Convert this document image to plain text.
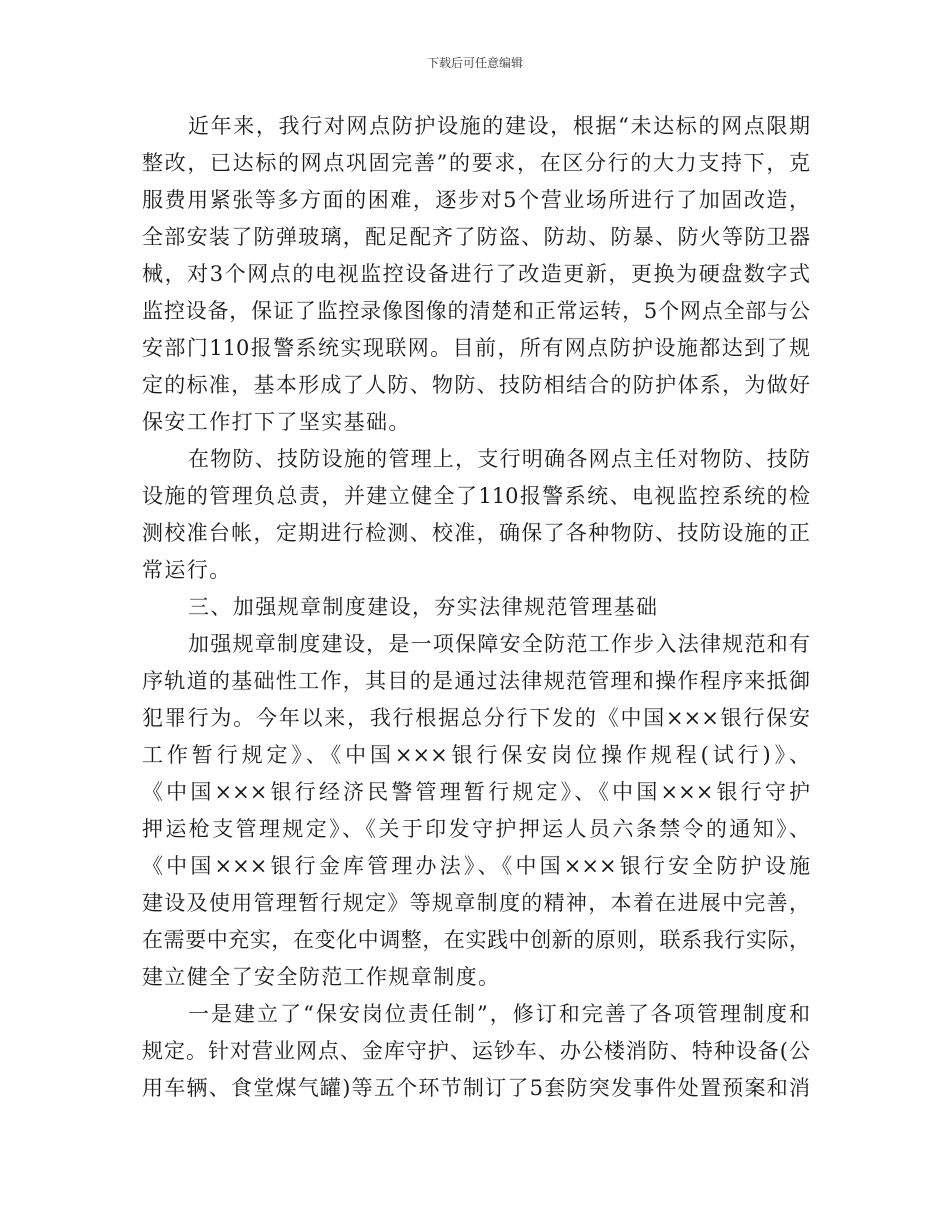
下载后可任意编辑
近年来，我行对网点防护设施的建设，根据“未达标的网点限期
整改，已达标的网点巩固完善”的要求，在区分行的大力支持下，克
服费用紧张等多方面的困难，逐步对5个营业场所进行了加固改造，
全部安装了防弹玻璃，配足配齐了防盗、防劫、防暴、防火等防卫器
械，对3个网点的电视监控设备进行了改造更新，更换为硬盘数字式
监控设备，保证了监控录像图像的清楚和正常运转，5个网点全部与公
安部门110报警系统实现联网。目前，所有网点防护设施都达到了规
定的标准，基本形成了人防、物防、技防相结合的防护体系，为做好
保安工作打下了坚实基础。
在物防、技防设施的管理上，支行明确各网点主任对物防、技防
设施的管理负总责，并建立健全了110报警系统、电视监控系统的检
测校准台帐，定期进行检测、校准，确保了各种物防、技防设施的正
常运行。
三、加强规章制度建设，夯实法律规范管理基础
加强规章制度建设，是一项保障安全防范工作步入法律规范和有
序轨道的基础性工作，其目的是通过法律规范管理和操作程序来抵御
犯罪行为。今年以来，我行根据总分行下发的《中国×××银行保安
工作暂行规定》、《中国×××银行保安岗位操作规程(试行)》、
《中国×××银行经济民警管理暂行规定》、《中国×××银行守护
押运枪支管理规定》、《关于印发守护押运人员六条禁令的通知》、
《中国×××银行金库管理办法》、《中国×××银行安全防护设施
建设及使用管理暂行规定》等规章制度的精神，本着在进展中完善，
在需要中充实，在变化中调整，在实践中创新的原则，联系我行实际，
建立健全了安全防范工作规章制度。
一是建立了“保安岗位责任制”，修订和完善了各项管理制度和
规定。针对营业网点、金库守护、运钞车、办公楼消防、特种设备(公
用车辆、食堂煤气罐)等五个环节制订了5套防突发事件处置预案和消
